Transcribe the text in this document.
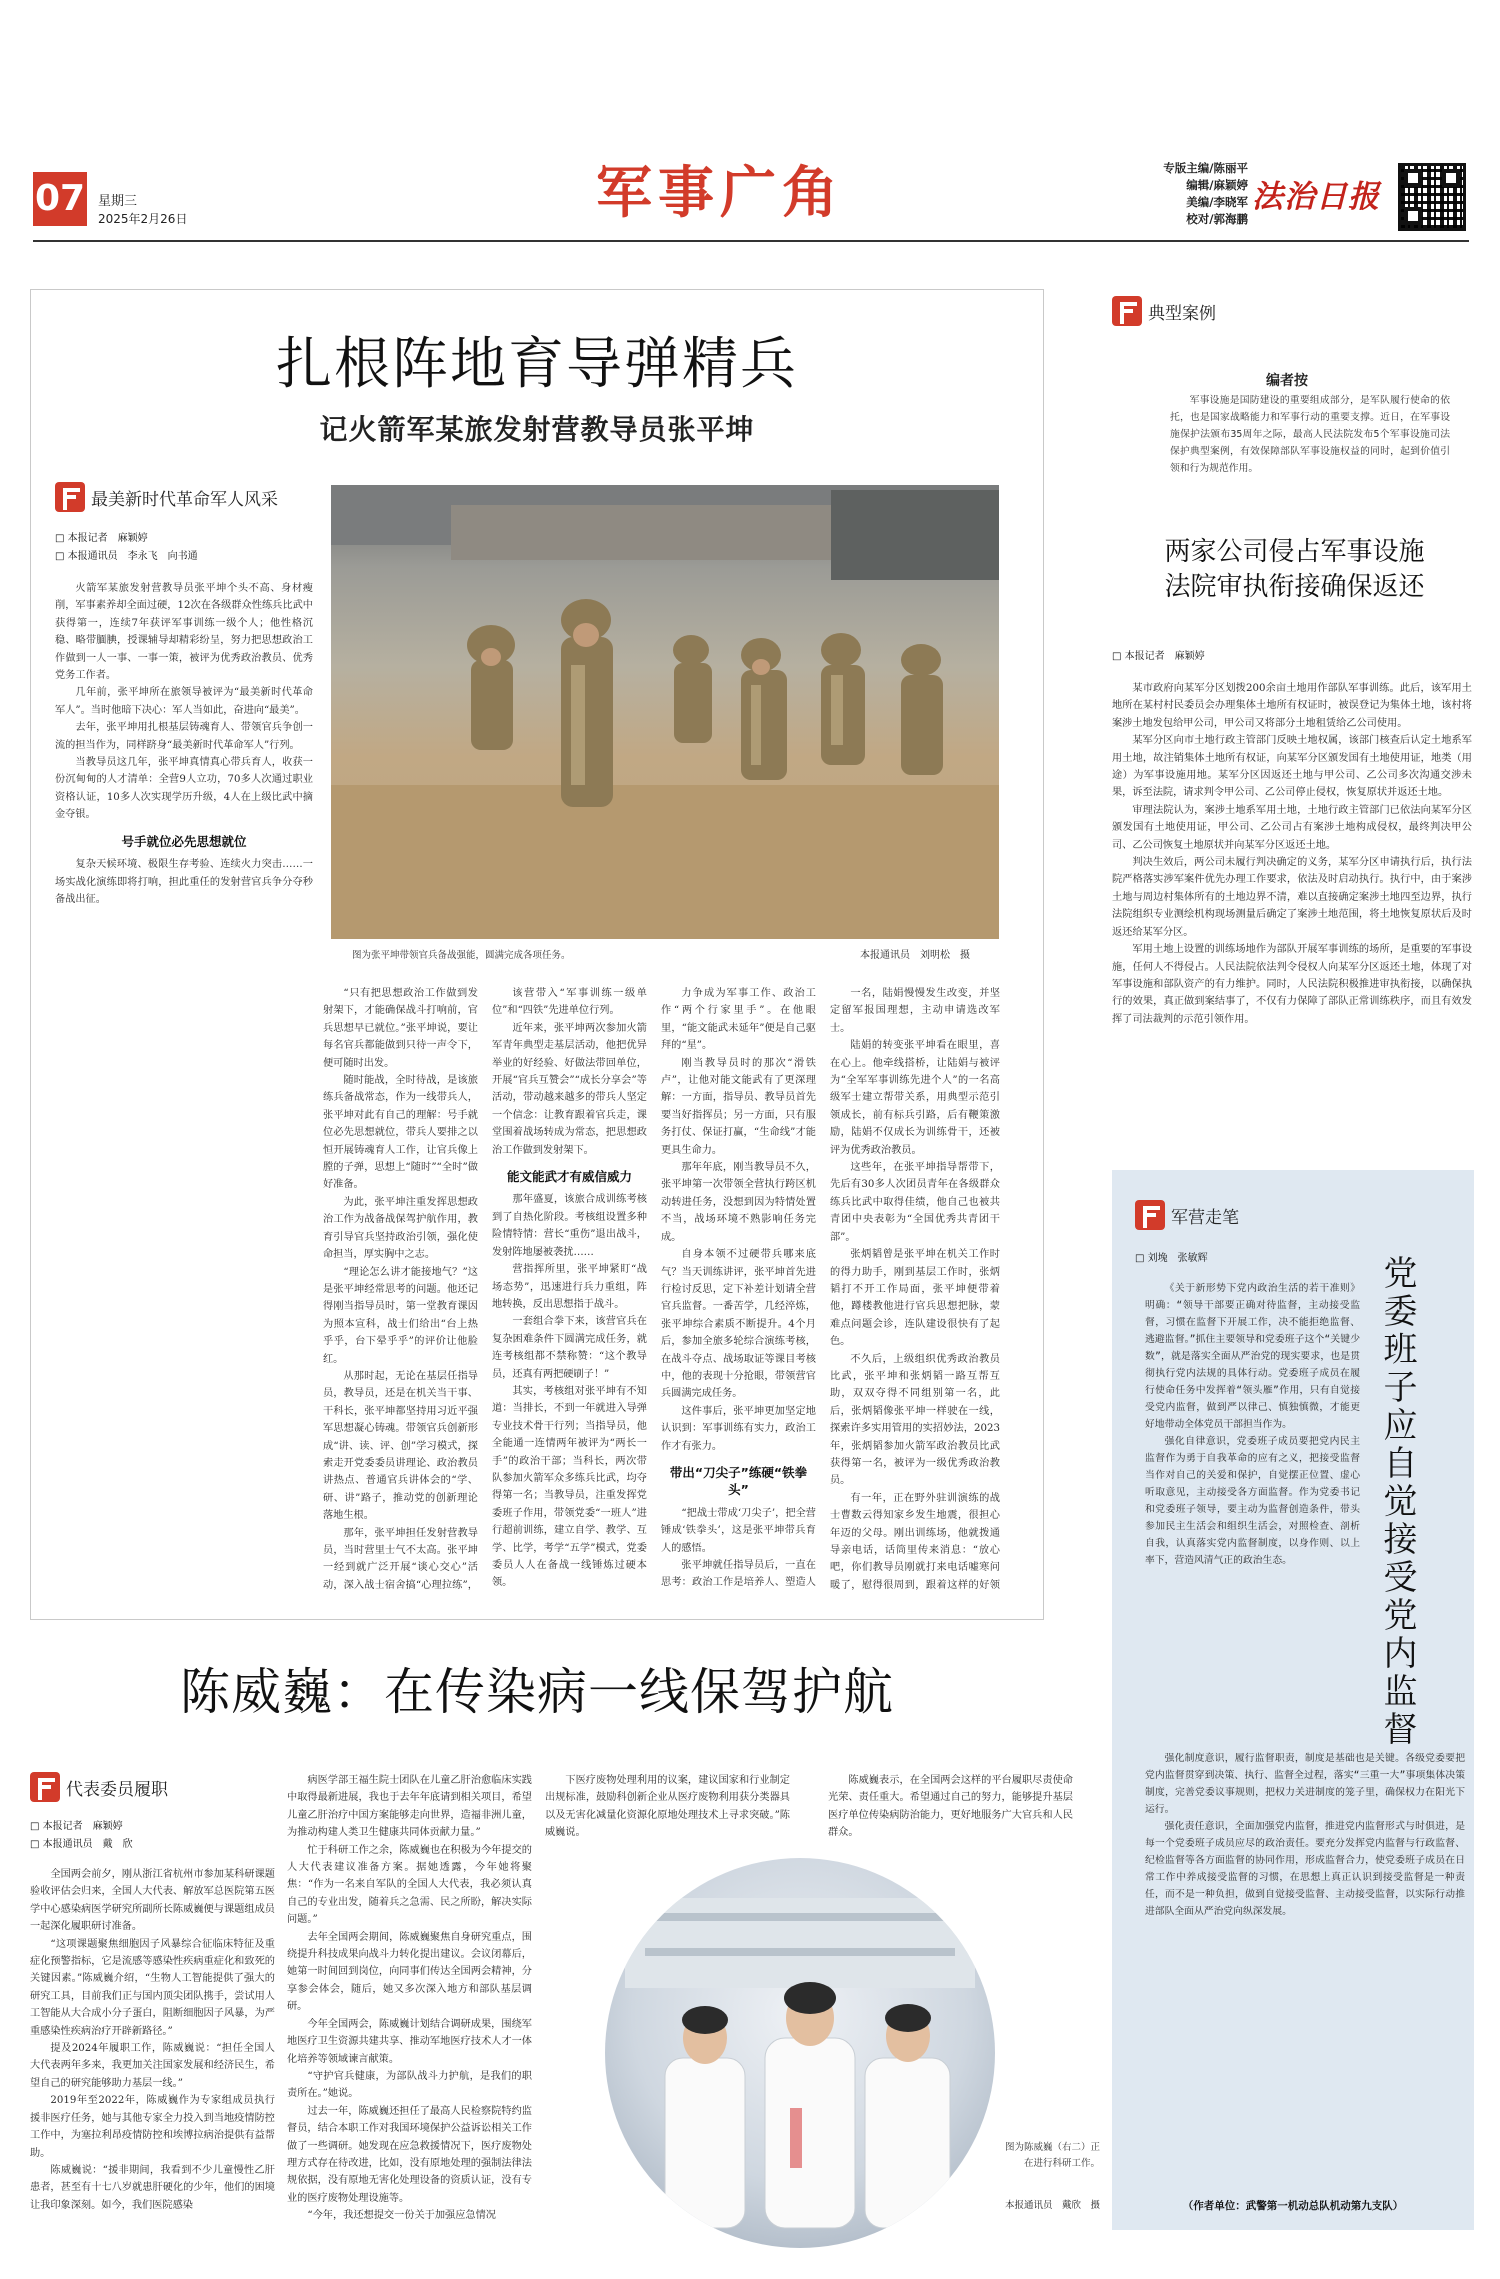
07 星期三
2025年2月26日	军事广角	专版主编/陈丽平
编辑/麻颖婷
美编/李晓军
校对/郭海鹏
法治日报
扎根阵地育导弹精兵
记火箭军某旅发射营教导员张平坤
最美新时代革命军人风采
□ 本报记者　麻颖婷
□ 本报通讯员　李永飞　向书通
图为张平坤带领官兵备战强能，圆满完成各项任务。	本报通讯员　刘明松　摄

火箭军某旅发射营教导员张平坤个头不高、身材瘦削，军事素养却全面过硬，12次在各级群众性练兵比武中获得第一，连续7年获评军事训练一级个人；他性格沉稳、略带腼腆，授课辅导却精彩纷呈，努力把思想政治工作做到一人一事、一事一策，被评为优秀政治教员、优秀党务工作者。

几年前，张平坤所在旅领导被评为“最美新时代革命军人”。当时他暗下决心：军人当如此，奋进向“最美”。

去年，张平坤用扎根基层铸魂育人、带领官兵争创一流的担当作为，同样跻身“最美新时代革命军人”行列。

当教导员这几年，张平坤真情真心带兵育人，收获一份沉甸甸的人才清单：全营9人立功，70多人次通过职业资格认证，10多人次实现学历升级，4人在上级比武中摘金夺银。

号手就位必先思想就位

复杂天候环境、极限生存考验、连续火力突击……一场实战化演练即将打响，担此重任的发射营官兵争分夺秒备战出征。

“只有把思想政治工作做到发射架下，才能确保战斗打响前，官兵思想早已就位。”张平坤说，要让每名官兵都能做到只待一声令下，便可随时出发。

随时能战，全时待战，是该旅练兵备战常态，作为一线带兵人，张平坤对此有自己的理解：号手就位必先思想就位，带兵人要排之以恒开展铸魂育人工作，让官兵像上膛的子弹，思想上“随时”“全时”做好准备。

为此，张平坤注重发挥思想政治工作为战备战保驾护航作用，教育引导官兵坚持政治引领，强化使命担当，厚实胸中之志。

“理论怎么讲才能接地气？”这是张平坤经常思考的问题。他还记得刚当指导员时，第一堂教育课因为照本宣科，战士们给出“台上热乎乎，台下晕乎乎”的评价让他脸红。

从那时起，无论在基层任指导员，教导员，还是在机关当干事、干科长，张平坤都坚持用习近平强军思想凝心铸魂。带领官兵创新形成“讲、读、评、创”学习模式，探索走开党委委员讲理论、政治教员讲热点、普通官兵讲体会的“学、研、讲”路子，推动党的创新理论落地生根。

那年，张平坤担任发射营教导员，当时营里士气不太高。张平坤一经到就广泛开展“谈心交心”活动，深入战士宿舍搞“心理拉练”，

该营带入“军事训练一级单位”和“四铁”先进单位行列。

近年来，张平坤两次参加火箭军青年典型走基层活动，他把优异举业的好经验、好做法带回单位，开展“官兵互赞会”“成长分享会”等活动，带动越来越多的带兵人坚定一个信念：让教育跟着官兵走，课堂围着战场转成为常态，把思想政治工作做到发射架下。

能文能武才有威信威力

那年盛夏，该旅合成训练考核到了自热化阶段。考核组设置多种险情特情：营长“重伤”退出战斗，发射阵地屡被袭扰……

营指挥所里，张平坤紧盯“战场态势”，迅速进行兵力重组，阵地转换，反出思想指于战斗。

一套组合拳下来，该营官兵在复杂困难条件下圆满完成任务，就连考核组都不禁称赞：“这个教导员，还真有两把硬刷子！”

其实，考核组对张平坤有不知道：当排长，不到一年就进入导弹专业技术骨干行列；当指导员，他全能通一连情两年被评为“两长一手”的政治干部；当科长，两次带队参加火箭军众多练兵比武，均夺得第一名；当教导员，注重发挥党委班子作用，带领党委“一班人”进行超前训练，建立自学、教学、互学、比学，考学“五学”模式，党委委员人人在备战一线锤炼过硬本领。

力争成为军事工作、政治工作“两个行家里手”。在他眼里，“能文能武未延年”便是自己驱拜的“星”。

刚当教导员时的那次“滑铁卢”，让他对能文能武有了更深理解：一方面，指导员、教导员首先要当好指挥员；另一方面，只有服务打仗、保证打赢，“生命线”才能更具生命力。

那年年底，刚当教导员不久，张平坤第一次带领全营执行跨区机动转进任务，没想到因为特情处置不当，战场环境不熟影响任务完成。

自身本领不过硬带兵哪来底气？当天训练讲评，张平坤首先进行检讨反思，定下补差计划请全营官兵监督。一番苦学，几经淬炼，张平坤综合素质不断提升。4个月后，参加全旅多轮综合演练考核，在战斗夺点、战场取证等课目考核中，他的表现十分抢眼，带领营官兵圆满完成任务。

这件事后，张平坤更加坚定地认识到：军事训练有实力，政治工作才有张力。

带出“刀尖子”练硬“铁拳头”

“把战士带成‘刀尖子’，把全营锤成‘铁拳头’，这是张平坤带兵育人的感悟。

张平坤就任指导员后，一直在思考：政治工作是培养人、塑造人

一名，陆娟慢慢发生改变，并坚定留军报国理想，主动申请选改军士。

陆娟的转变张平坤看在眼里，喜在心上。他牵线搭桥，让陆娟与被评为“全军军事训练先进个人”的一名高级军士建立帮带关系，用典型示范引领成长，前有标兵引路，后有鞭策激励，陆娟不仅成长为训练骨干，还被评为优秀政治教员。

这些年，在张平坤指导帮带下，先后有30多人次团员青年在各级群众练兵比武中取得佳绩，他自己也被共青团中央表彰为“全国优秀共青团干部”。

张炳韬曾是张平坤在机关工作时的得力助手，刚到基层工作时，张炳韬打不开工作局面，张平坤便带着他，蹲楼教他进行官兵思想把脉，蒙难点问题会诊，连队建设很快有了起色。

不久后，上级组织优秀政治教员比武，张平坤和张炳韬一路互帮互助，双双夺得不同组别第一名，此后，张炳韬像张平坤一样驶在一线，探索许多实用管用的实招妙法，2023年，张炳韬参加火箭军政治教员比武获得第一名，被评为一级优秀政治教员。

有一年，正在野外驻训演练的战士曹数云得知家乡发生地震，很担心年迈的父母。刚出训练场，他就拨通导亲电话，话筒里传来消息：“放心吧，你们教导员刚就打来电话嘘寒问暖了，慰得很周到，跟着这样的好领

典型案例
编者按
军事设施是国防建设的重要组成部分，是军队履行使命的依托，也是国家战略能力和军事行动的重要支撑。近日，在军事设施保护法颁布35周年之际，最高人民法院发布5个军事设施司法保护典型案例，有效保障部队军事设施权益的同时，起到价值引领和行为规范作用。
两家公司侵占军事设施
法院审执衔接确保返还
□ 本报记者　麻颖婷

某市政府向某军分区划拨200余亩土地用作部队军事训练。此后，该军用土地所在某村村民委员会办理集体土地所有权证时，被误登记为集体土地，该村将案涉土地发包给甲公司，甲公司又将部分土地租赁给乙公司使用。

某军分区向市土地行政主管部门反映土地权属，该部门核查后认定土地系军用土地，故注销集体土地所有权证，向某军分区颁发国有土地使用证，地类（用途）为军事设施用地。某军分区因返还土地与甲公司、乙公司多次沟通交涉未果，诉至法院，请求判令甲公司、乙公司停止侵权，恢复原状并返还土地。

审理法院认为，案涉土地系军用土地，土地行政主管部门已依法向某军分区颁发国有土地使用证，甲公司、乙公司占有案涉土地构成侵权，最终判决甲公司、乙公司恢复土地原状并向某军分区返还土地。

判决生效后，两公司未履行判决确定的义务，某军分区申请执行后，执行法院严格落实涉军案件优先办理工作要求，依法及时启动执行。执行中，由于案涉土地与周边村集体所有的土地边界不清，难以直接确定案涉土地四至边界，执行法院组织专业测绘机构现场测量后确定了案涉土地范围，将土地恢复原状后及时返还给某军分区。

军用土地上设置的训练场地作为部队开展军事训练的场所，是重要的军事设施，任何人不得侵占。人民法院依法判令侵权人向某军分区返还土地，体现了对军事设施和部队资产的有力维护。同时，人民法院积极推进审执衔接，以确保执行的效果，真正做到案结事了，不仅有力保障了部队正常训练秩序，而且有效发挥了司法裁判的示范引领作用。

军营走笔
□ 刘堍　张敏辉	党委班子应自觉接受党内监督

《关于新形势下党内政治生活的若干准则》明确：“领导干部要正确对待监督，主动接受监督，习惯在监督下开展工作，决不能拒绝监督、逃避监督。”抓住主要领导和党委班子这个“关键少数”，就是落实全面从严治党的现实要求，也是贯彻执行党内法规的具体行动。党委班子成员在履行使命任务中发挥着“领头雁”作用，只有自觉接受党内监督，做到严以律己、慎独慎微，才能更好地带动全体党员干部担当作为。

强化自律意识，党委班子成员要把党内民主监督作为勇于自我革命的应有之义，把接受监督当作对自己的关爱和保护，自觉摆正位置、虚心听取意见，主动接受各方面监督。作为党委书记和党委班子领导，要主动为监督创造条件，带头参加民主生活会和组织生活会，对照检查、剖析自我，认真落实党内监督制度，以身作则、以上率下，营造风清气正的政治生态。

强化制度意识，履行监督职责，制度是基础也是关键。各级党委要把党内监督贯穿到决策、执行、监督全过程，落实“三重一大”事项集体决策制度，完善党委议事规则，把权力关进制度的笼子里，确保权力在阳光下运行。

强化责任意识，全面加强党内监督，推进党内监督形式与时俱进，是每一个党委班子成员应尽的政治责任。要充分发挥党内监督与行政监督、纪检监督等各方面监督的协同作用，形成监督合力，使党委班子成员在日常工作中养成接受监督的习惯，在思想上真正认识到接受监督是一种责任，而不是一种负担，做到自觉接受监督、主动接受监督，以实际行动推进部队全面从严治党向纵深发展。

（作者单位：武警第一机动总队机动第九支队）
陈威巍：在传染病一线保驾护航
代表委员履职
□ 本报记者　麻颖婷
□ 本报通讯员　戴　欣

全国两会前夕，刚从浙江省杭州市参加某科研课题验收评估会归来，全国人大代表、解放军总医院第五医学中心感染病医学研究所副所长陈威巍便与课题组成员一起深化履职研讨准备。

“这项课题聚焦细胞因子风暴综合征临床特征及重症化预警指标，它是流感等感染性疾病重症化和致死的关键因素。”陈威巍介绍，“生物人工智能提供了强大的研究工具，目前我们正与国内顶尖团队携手，尝试用人工智能从大合成小分子蛋白，阻断细胞因子风暴，为严重感染性疾病治疗开辟新路径。”

提及2024年履职工作，陈威巍说：“担任全国人大代表两年多来，我更加关注国家发展和经济民生，希望自己的研究能够助力基层一线。”

2019年至2022年，陈威巍作为专家组成员执行援非医疗任务，她与其他专家全力投入到当地疫情防控工作中，为塞拉利昂疫情防控和埃博拉病治提供有益帮助。

陈威巍说：“援非期间，我看到不少儿童慢性乙肝患者，甚至有十七八岁就患肝硬化的少年，他们的困境让我印象深刻。如今，我们医院感染

病医学部王福生院士团队在儿童乙肝治愈临床实践中取得最新进展，我也于去年年底请到相关项目，希望儿童乙肝治疗中国方案能够走向世界，造福非洲儿童，为推动构建人类卫生健康共同体贡献力量。”

忙于科研工作之余，陈威巍也在积极为今年提交的人大代表建议准备方案。据她透露，今年她将聚焦：“作为一名来自军队的全国人大代表，我必须认真自己的专业出发，随着兵之急需、民之所盼，解决实际问题。”

去年全国两会期间，陈威巍聚焦自身研究重点，围绕提升科技成果向战斗力转化提出建议。会议闭幕后，她第一时间回到岗位，向同事们传达全国两会精神，分享参会体会，随后，她又多次深入地方和部队基层调研。

今年全国两会，陈威巍计划结合调研成果，围绕军地医疗卫生资源共建共享、推动军地医疗技术人才一体化培养等领域谏言献策。

“守护官兵健康，为部队战斗力护航，是我们的职责所在。”她说。

过去一年，陈威巍还担任了最高人民检察院特约监督员，结合本职工作对我国环境保护公益诉讼相关工作做了一些调研。她发现在应急救援情况下，医疗废物处理方式存在待改进，比如，没有原地处理的强制法律法规依据，没有原地无害化处理设备的资质认证，没有专业的医疗废物处理设施等。

“今年，我还想提交一份关于加强应急情况

下医疗废物处理利用的议案，建议国家和行业制定出规标准，鼓励科创新企业从医疗废物利用获分类器具以及无害化减量化资源化原地处理技术上寻求突破。”陈威巍说。

陈威巍表示，在全国两会这样的平台履职尽责使命光荣、责任重大。希望通过自己的努力，能够提升基层医疗单位传染病防治能力，更好地服务广大官兵和人民群众。

图为陈威巍（右二）正在进行科研工作。
本报通讯员　戴欣　摄
